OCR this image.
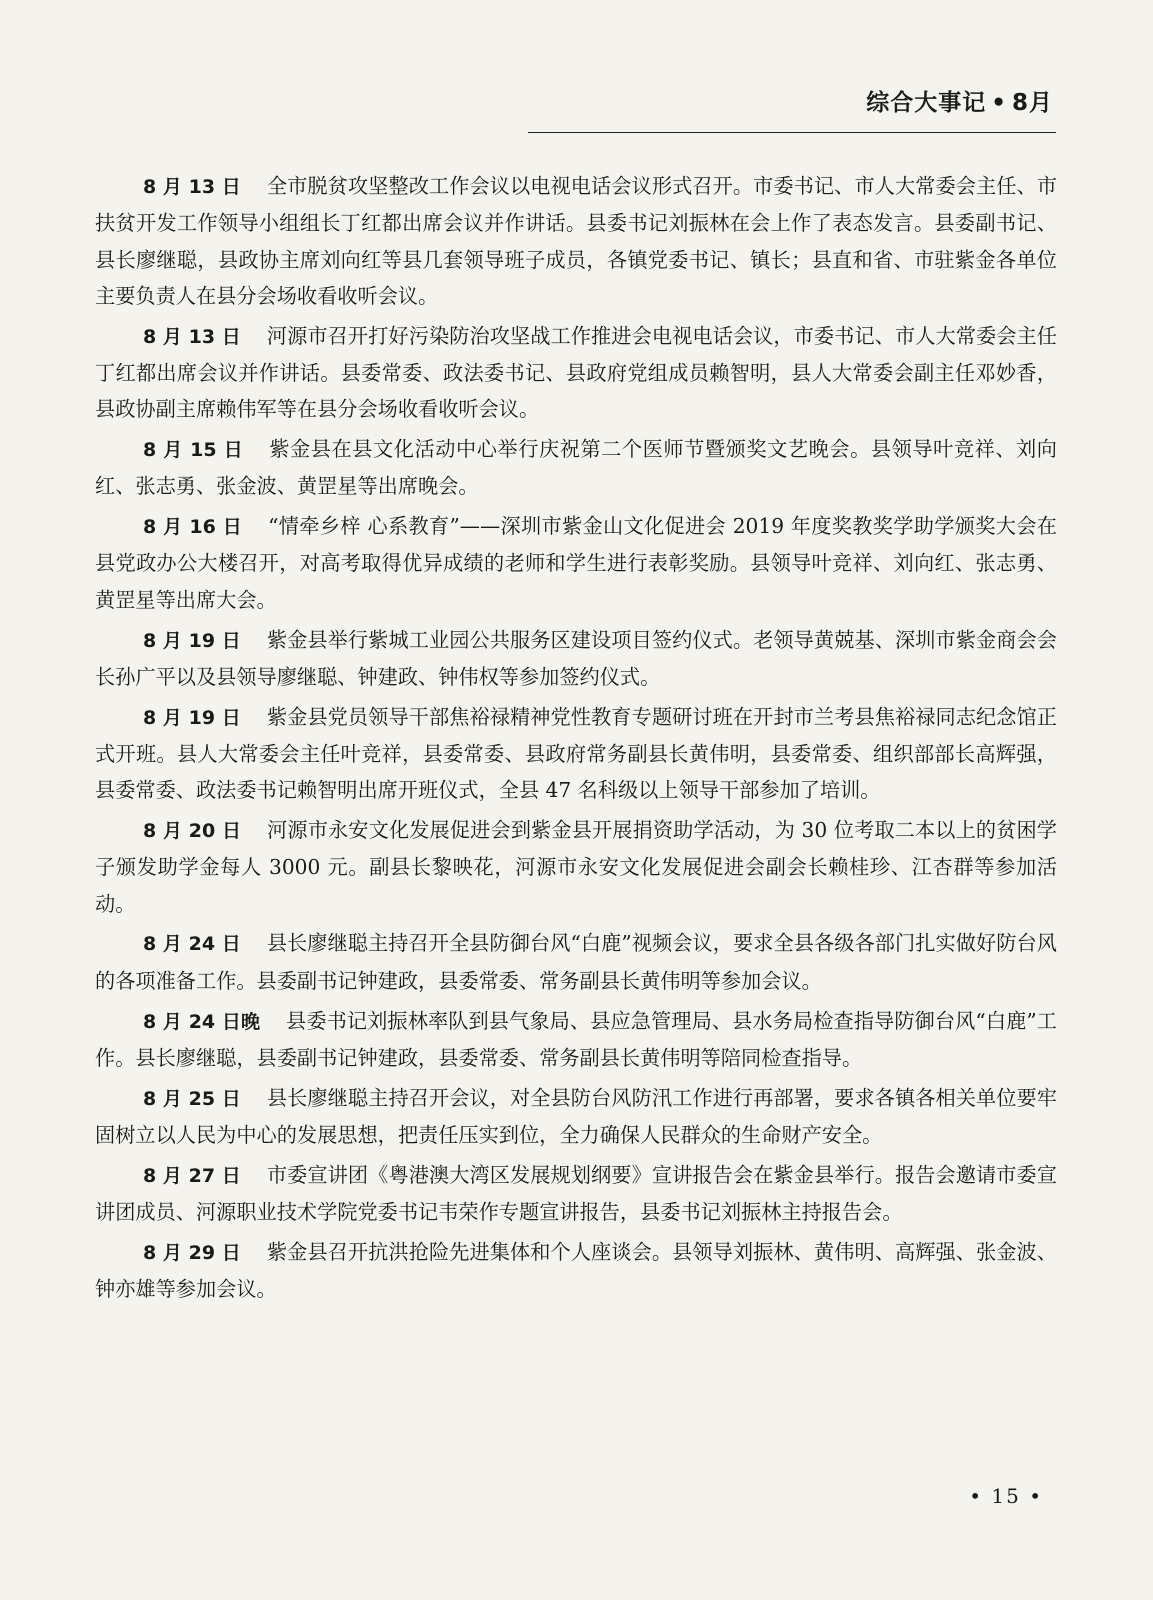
综合大事记 • 8月

8 月 13 日 全市脱贫攻坚整改工作会议以电视电话会议形式召开。市委书记、市人大常委会主任、市扶贫开发工作领导小组组长丁红都出席会议并作讲话。县委书记刘振林在会上作了表态发言。县委副书记、县长廖继聪，县政协主席刘向红等县几套领导班子成员，各镇党委书记、镇长；县直和省、市驻紫金各单位主要负责人在县分会场收看收听会议。

8 月 13 日 河源市召开打好污染防治攻坚战工作推进会电视电话会议，市委书记、市人大常委会主任丁红都出席会议并作讲话。县委常委、政法委书记、县政府党组成员赖智明，县人大常委会副主任邓妙香，县政协副主席赖伟军等在县分会场收看收听会议。

8 月 15 日 紫金县在县文化活动中心举行庆祝第二个医师节暨颁奖文艺晚会。县领导叶竞祥、刘向红、张志勇、张金波、黄罡星等出席晚会。

8 月 16 日 “情牵乡梓 心系教育”——深圳市紫金山文化促进会 2019 年度奖教奖学助学颁奖大会在县党政办公大楼召开，对高考取得优异成绩的老师和学生进行表彰奖励。县领导叶竞祥、刘向红、张志勇、黄罡星等出席大会。

8 月 19 日 紫金县举行紫城工业园公共服务区建设项目签约仪式。老领导黄兢基、深圳市紫金商会会长孙广平以及县领导廖继聪、钟建政、钟伟权等参加签约仪式。

8 月 19 日 紫金县党员领导干部焦裕禄精神党性教育专题研讨班在开封市兰考县焦裕禄同志纪念馆正式开班。县人大常委会主任叶竞祥，县委常委、县政府常务副县长黄伟明，县委常委、组织部部长高辉强，县委常委、政法委书记赖智明出席开班仪式，全县 47 名科级以上领导干部参加了培训。

8 月 20 日 河源市永安文化发展促进会到紫金县开展捐资助学活动，为 30 位考取二本以上的贫困学子颁发助学金每人 3000 元。副县长黎映花，河源市永安文化发展促进会副会长赖桂珍、江杏群等参加活动。

8 月 24 日 县长廖继聪主持召开全县防御台风“白鹿”视频会议，要求全县各级各部门扎实做好防台风的各项准备工作。县委副书记钟建政，县委常委、常务副县长黄伟明等参加会议。

8 月 24 日晚 县委书记刘振林率队到县气象局、县应急管理局、县水务局检查指导防御台风“白鹿”工作。县长廖继聪，县委副书记钟建政，县委常委、常务副县长黄伟明等陪同检查指导。

8 月 25 日 县长廖继聪主持召开会议，对全县防台风防汛工作进行再部署，要求各镇各相关单位要牢固树立以人民为中心的发展思想，把责任压实到位，全力确保人民群众的生命财产安全。

8 月 27 日 市委宣讲团《粤港澳大湾区发展规划纲要》宣讲报告会在紫金县举行。报告会邀请市委宣讲团成员、河源职业技术学院党委书记韦荣作专题宣讲报告，县委书记刘振林主持报告会。

8 月 29 日 紫金县召开抗洪抢险先进集体和个人座谈会。县领导刘振林、黄伟明、高辉强、张金波、钟亦雄等参加会议。

• 15 •
